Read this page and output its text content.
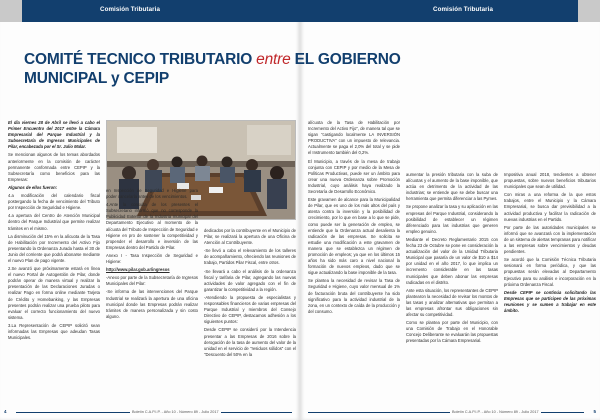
Comisión Tributaria

El día viernes 28 de Abril se llevó a cabo el Primer Encuentro del 2017 entre la Cámara Empresarial del Parque Industrial y la Subsecretaría de Ingresos Municipales de Pilar, encabezada por el Sr. Julio Malar.

Se mencionan algunos de los temas abordados anteriormente en la comisión de carácter permanente conformada entre CEPIP y la Subsecretaría como beneficios para las Empresas:

Algunos de ellos fueron:

4.a modificación del calendario fiscal postergando la fecha de vencimiento del Tributo por Inspección de Seguridad e Higiene.

4.a apertura del Centro de Atención Municipal dentro del Parque Industrial que permite realizar trámites en el mismo.

La disminución del 15% en la alícuota de la Tasa de Habilitación por Incremento del Activo Fijo presentando la Ordenanza Jurada hasta el 30 de Junio del corriente que podrá abonarse mediante el nuevo Plan de pago vigente.

2.Se avanzó que próximamente estará en línea el nuevo Portal de Autogestión de Pilar, donde podrán operar de manera virtual y realizar la presentación de las Declaraciones Juradas o realizar Pago en forma online mediante Tarjeta de Crédito y Homebanking, y las Empresas presentes podrán realizar una prueba piloto para evaluar el correcto funcionamiento del nuevo sistema.

3.La Representación de CEPIP solicitó sean informadas las Empresas que adeudan Tasas Municipales.

en Inspección de Seguridad e Higiene para poder cancelarla antes de los vencimientos.

4.Ante la consulta de los presentes el Subsecretario informó que no corresponde la Publicidad Exterior de la Industria municipal del Departamento Ejecutivo al momento de la alícuota del Tributo de Inspección de Seguridad e Higiene en pro de sostener la competitividad y propender el desarrollo e inversión de las Empresas dentro del Partido de Pilar.

Anexo I - Tasa Inspección de Seguridad e Higiene:

http://www.pilar.gob.ar/ingresos

-Anexo por parte de la Subsecretaría de Ingresos Municipales del Pilar:

-Se informa de las intervenciones del Parque Industrial se realizará la apertura de una oficina municipal donde las Empresas podrán realizar trámites de manera personalizada y sin costo alguno.

dedicados por la contribuyente en el Municipio de Pilar, se realizará la apertura de una Oficina de Atención al Contribuyente.

-Se llevó a cabo el relevamiento de los talleres de acompañamiento, ofreciendo las reuniones de trabajo, Partidos Pilar Fiscal, entre otros.

-Se llevará a cabo el análisis de la ordenanza fiscal y tarifaria de Pilar, agregando las nuevas actividades de valor agregado con el fin de garantizar la competitividad a la región.

-Atendiendo la propuesta de especialistas y responsables financieros de varias empresas del Parque Industrial y miembros del Consejo Directivo de CEPIP, destacamos adhesión a los siguientes puntos:

Desde CEPIP se consideró por la Intendencia presentar a las Empresas de 2016 sobre la derogación de la tasa de aumento del valor de la unidad en el servicio de "residuos sólidos" con el "Descuento del 50% en la

4	Boletín C.A.P.I.P. - Año 10 - Número 89 - Julio 2017
Comisión Tributaria

alícuota de la Tasa de Habilitación por Incremento del Activo Fijo", de manera tal que se sigan "castigando localmente LA INVERSIÓN PRODUCTIVA" con un impuesto de relevancia. Actualmente se paga el 2,0% del total y se pide el Instrumento también del 0,2%.

El Municipio, a través de la mesa de trabajo conjunta con CEPIP y por medio de la Mesa de Políticas Productivas, puede ser un ámbito para crear una nueva Ordenanza sobre Promoción Industrial, cuyo análisis haya realizado la Secretaría de Desarrollo Económico.

Este gravamen de alcance para la Municipalidad de Pilar, que es uno de los más altos del país y atenta contra la inversión y la posibilidad de crecimiento, por lo que en base a lo que se pide, como puede ser la generación de empleo, se entiende que la Ordenanza actual desalienta la radicación de las empresas. Se solicita se estudie una modificación a este gravamen de manera que se establezca un régimen de promoción de empleos; ya que en los últimos 15 años ha sido más caro a nivel nacional la formación de nuevos empleos, dado que se sigue actualizando la base imponible de la tasa.

Se plantea la necesidad de revisar la Tasa de Seguridad e Higiene, cuyo valor mensual de 1% de facturación bruta del contribuyente ha sido significativo para la actividad industrial de la zona, en un contexto de caída de la producción y del consumo.

aumentar la presión tributaria con la suba de alícuotas y el aumento de la base imponible, que actúa en detrimento de la actividad de las industrias; se entiende que se debe buscar una herramienta que permita diferenciar a las Pymes.

Se propone analizar la tasa y su aplicación en las empresas del Parque Industrial, considerando la posibilidad de establecer un régimen diferenciado para las industrias que generen empleo genuino.

Mediante el Decreto Reglamentario 2015 con fecha 23 de Octubre se pone en consideración la actualización del valor de la Unidad Tributaria Municipal que pasaría de un valor de $10 a $14 por unidad en el año 2017, lo que implica un incremento considerable en las tasas municipales que deben abonar las empresas radicadas en el distrito.

Ante esta situación, los representantes de CEPIP plantearon la necesidad de revisar los montos de las tasas y analizar alternativas que permitan a las empresas afrontar sus obligaciones sin afectar su competitividad.

Como se plantea por parte del Municipio, con una Comisión de Trabajo en el Honorable Concejo Deliberante se evaluarán las propuestas presentadas por la Cámara Empresarial.

Impositiva anual 2018, tendientes a obtener propuestas, sobre nuevos beneficios tributarios municipales que sean de utilidad.

Con miras a una reforma de la que estos trabajos, entre el Municipio y la Cámara Empresarial, se busca dar previsibilidad a la actividad productiva y facilitar la radicación de nuevas industrias en el Partido.

Por parte de las autoridades municipales se informó que se avanzará con la implementación de un sistema de alertas tempranas para notificar a las empresas sobre vencimientos y deudas pendientes.

Se acordó que la Comisión Técnica Tributaria sesionará en forma periódica, y que las propuestas serán elevadas al Departamento Ejecutivo para su análisis e incorporación en la próxima Ordenanza Fiscal.

Desde CEPIP se continúa solicitando las Empresas que se participen de las próximas reuniones y se sumen a trabajar en este ámbito.

Boletín C.A.P.I.P. - Año 10 - Número 89 - Julio 2017	5
COMITÉ TECNICO TRIBUTARIO entre EL GOBIERNO MUNICIPAL y CEPIP
